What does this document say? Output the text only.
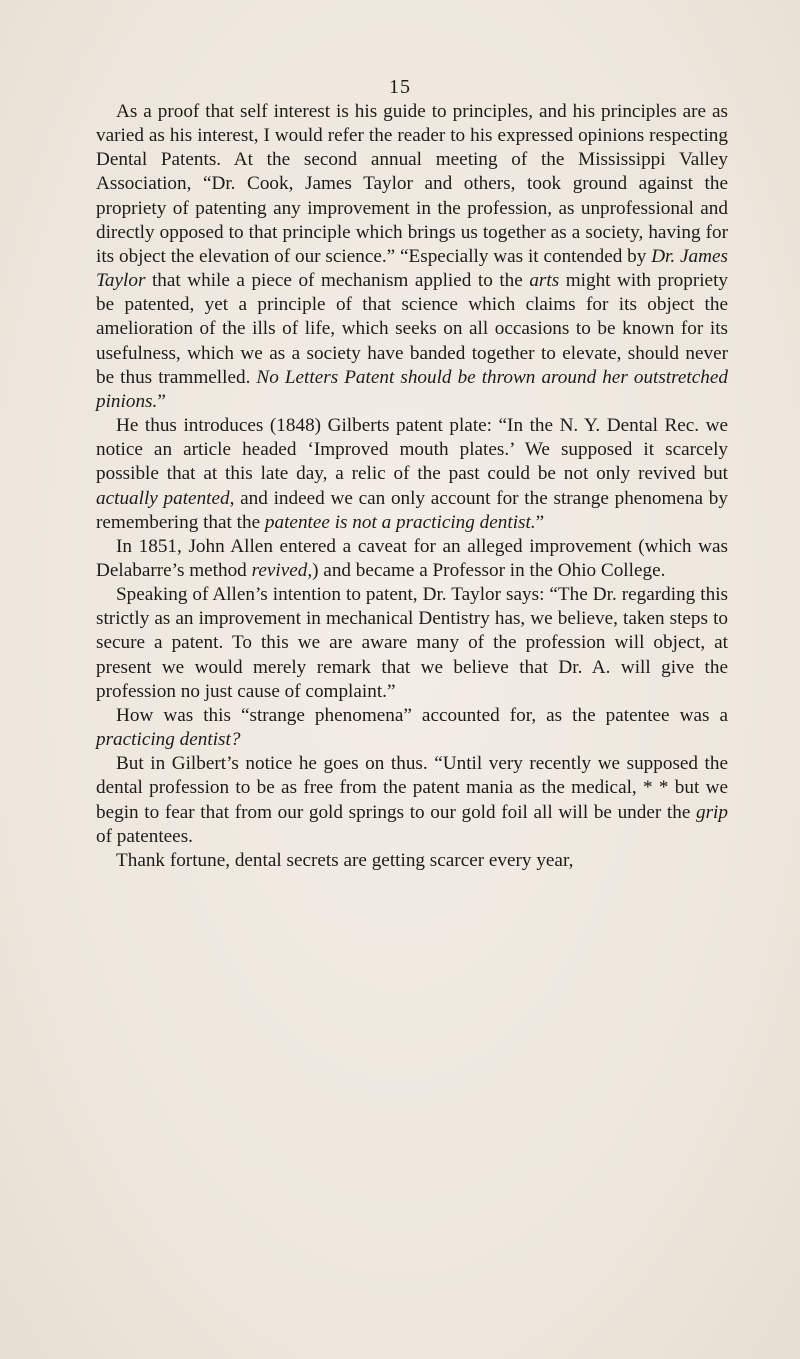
15

As a proof that self interest is his guide to principles, and his principles are as varied as his interest, I would refer the reader to his expressed opinions respecting Dental Patents. At the second annual meeting of the Mississippi Valley Association, “Dr. Cook, James Taylor and others, took ground against the propriety of patenting any improvement in the profession, as unprofessional and directly opposed to that principle which brings us together as a society, having for its object the elevation of our science.” “Especially was it contended by Dr. James Taylor that while a piece of mechanism applied to the arts might with propriety be patented, yet a principle of that science which claims for its object the amelioration of the ills of life, which seeks on all occasions to be known for its usefulness, which we as a society have banded together to elevate, should never be thus trammelled. No Letters Patent should be thrown around her outstretched pinions.”

He thus introduces (1848) Gilberts patent plate: “In the N. Y. Dental Rec. we notice an article headed ‘Improved mouth plates.’ We supposed it scarcely possible that at this late day, a relic of the past could be not only revived but actually patented, and indeed we can only account for the strange phenomena by remembering that the patentee is not a practicing dentist.”

In 1851, John Allen entered a caveat for an alleged improvement (which was Delabarre’s method revived,) and became a Professor in the Ohio College.

Speaking of Allen’s intention to patent, Dr. Taylor says: “The Dr. regarding this strictly as an improvement in mechanical Dentistry has, we believe, taken steps to secure a patent. To this we are aware many of the profession will object, at present we would merely remark that we believe that Dr. A. will give the profession no just cause of complaint.”

How was this “strange phenomena” accounted for, as the patentee was a practicing dentist?

But in Gilbert’s notice he goes on thus. “Until very recently we supposed the dental profession to be as free from the patent mania as the medical, * * but we begin to fear that from our gold springs to our gold foil all will be under the grip of patentees.

Thank fortune, dental secrets are getting scarcer every year,
